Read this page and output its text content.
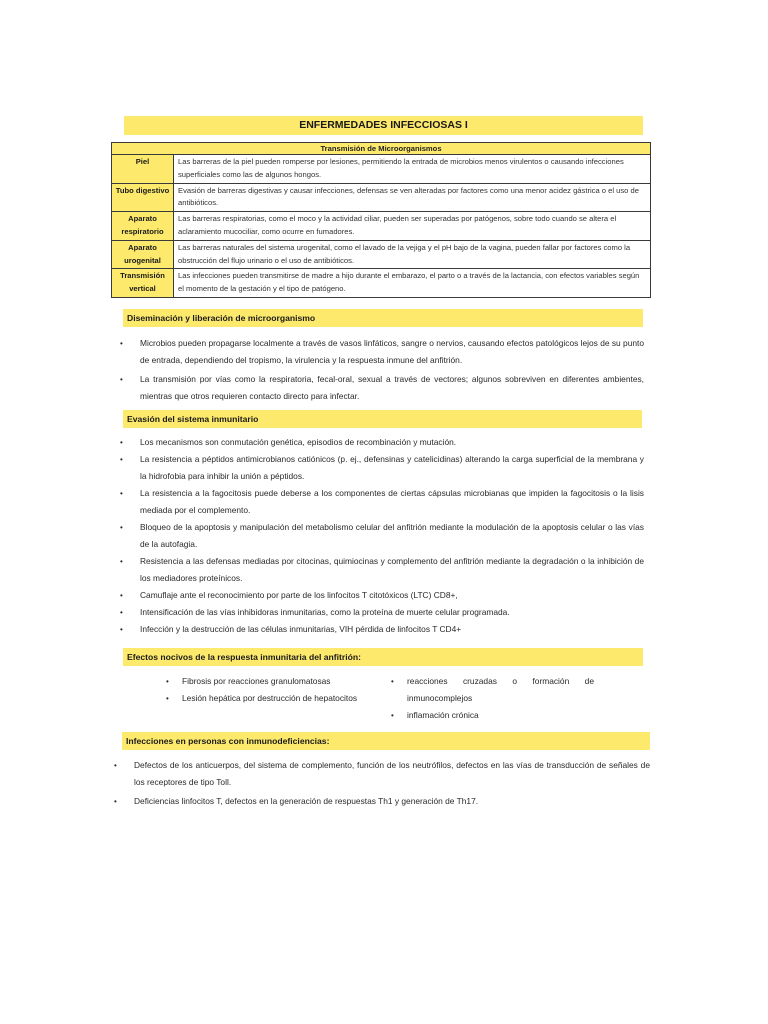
ENFERMEDADES INFECCIOSAS I
Transmisión de Microorganismos	
Piel	Las barreras de la piel pueden romperse por lesiones, permitiendo la entrada de microbios menos virulentos o causando infecciones superficiales como las de algunos hongos.
Tubo digestivo	Evasión de barreras digestivas y causar infecciones, defensas se ven alteradas por factores como una menor acidez gástrica o el uso de antibióticos.
Aparato respiratorio	Las barreras respiratorias, como el moco y la actividad ciliar, pueden ser superadas por patógenos, sobre todo cuando se altera el aclaramiento mucociliar, como ocurre en fumadores.
Aparato urogenital	Las barreras naturales del sistema urogenital, como el lavado de la vejiga y el pH bajo de la vagina, pueden fallar por factores como la obstrucción del flujo urinario o el uso de antibióticos.
Transmisión vertical	Las infecciones pueden transmitirse de madre a hijo durante el embarazo, el parto o a través de la lactancia, con efectos variables según el momento de la gestación y el tipo de patógeno.
Diseminación y liberación de microorganismo
• Microbios pueden propagarse localmente a través de vasos linfáticos, sangre o nervios, causando efectos patológicos lejos de su punto de entrada, dependiendo del tropismo, la virulencia y la respuesta inmune del anfitrión.
• La transmisión por vías como la respiratoria, fecal-oral, sexual a través de vectores; algunos sobreviven en diferentes ambientes, mientras que otros requieren contacto directo para infectar.
Evasión del sistema inmunitario
• Los mecanismos son conmutación genética, episodios de recombinación y mutación.
• La resistencia a péptidos antimicrobianos catiónicos (p. ej., defensinas y catelicidinas) alterando la carga superficial de la membrana y la hidrofobia para inhibir la unión a péptidos.
• La resistencia a la fagocitosis puede deberse a los componentes de ciertas cápsulas microbianas que impiden la fagocitosis o la lisis mediada por el complemento.
• Bloqueo de la apoptosis y manipulación del metabolismo celular del anfitrión mediante la modulación de la apoptosis celular o las vías de la autofagia.
• Resistencia a las defensas mediadas por citocinas, quimiocinas y complemento del anfitrión mediante la degradación o la inhibición de los mediadores proteínicos.
• Camuflaje ante el reconocimiento por parte de los linfocitos T citotóxicos (LTC) CD8+,
• Intensificación de las vías inhibidoras inmunitarias, como la proteína de muerte celular programada.
• Infección y la destrucción de las células inmunitarias, VIH pérdida de linfocitos T CD4+
Efectos nocivos de la respuesta inmunitaria del anfitrión:
• Fibrosis por reacciones granulomatosas
• Lesión hepática por destrucción de hepatocitos
• reacciones cruzadas o formación de inmunocomplejos
• inflamación crónica
Infecciones en personas con inmunodeficiencias:
• Defectos de los anticuerpos, del sistema de complemento, función de los neutrófilos, defectos en las vías de transducción de señales de los receptores de tipo Toll.
• Deficiencias linfocitos T, defectos en la generación de respuestas Th1 y generación de Th17.
